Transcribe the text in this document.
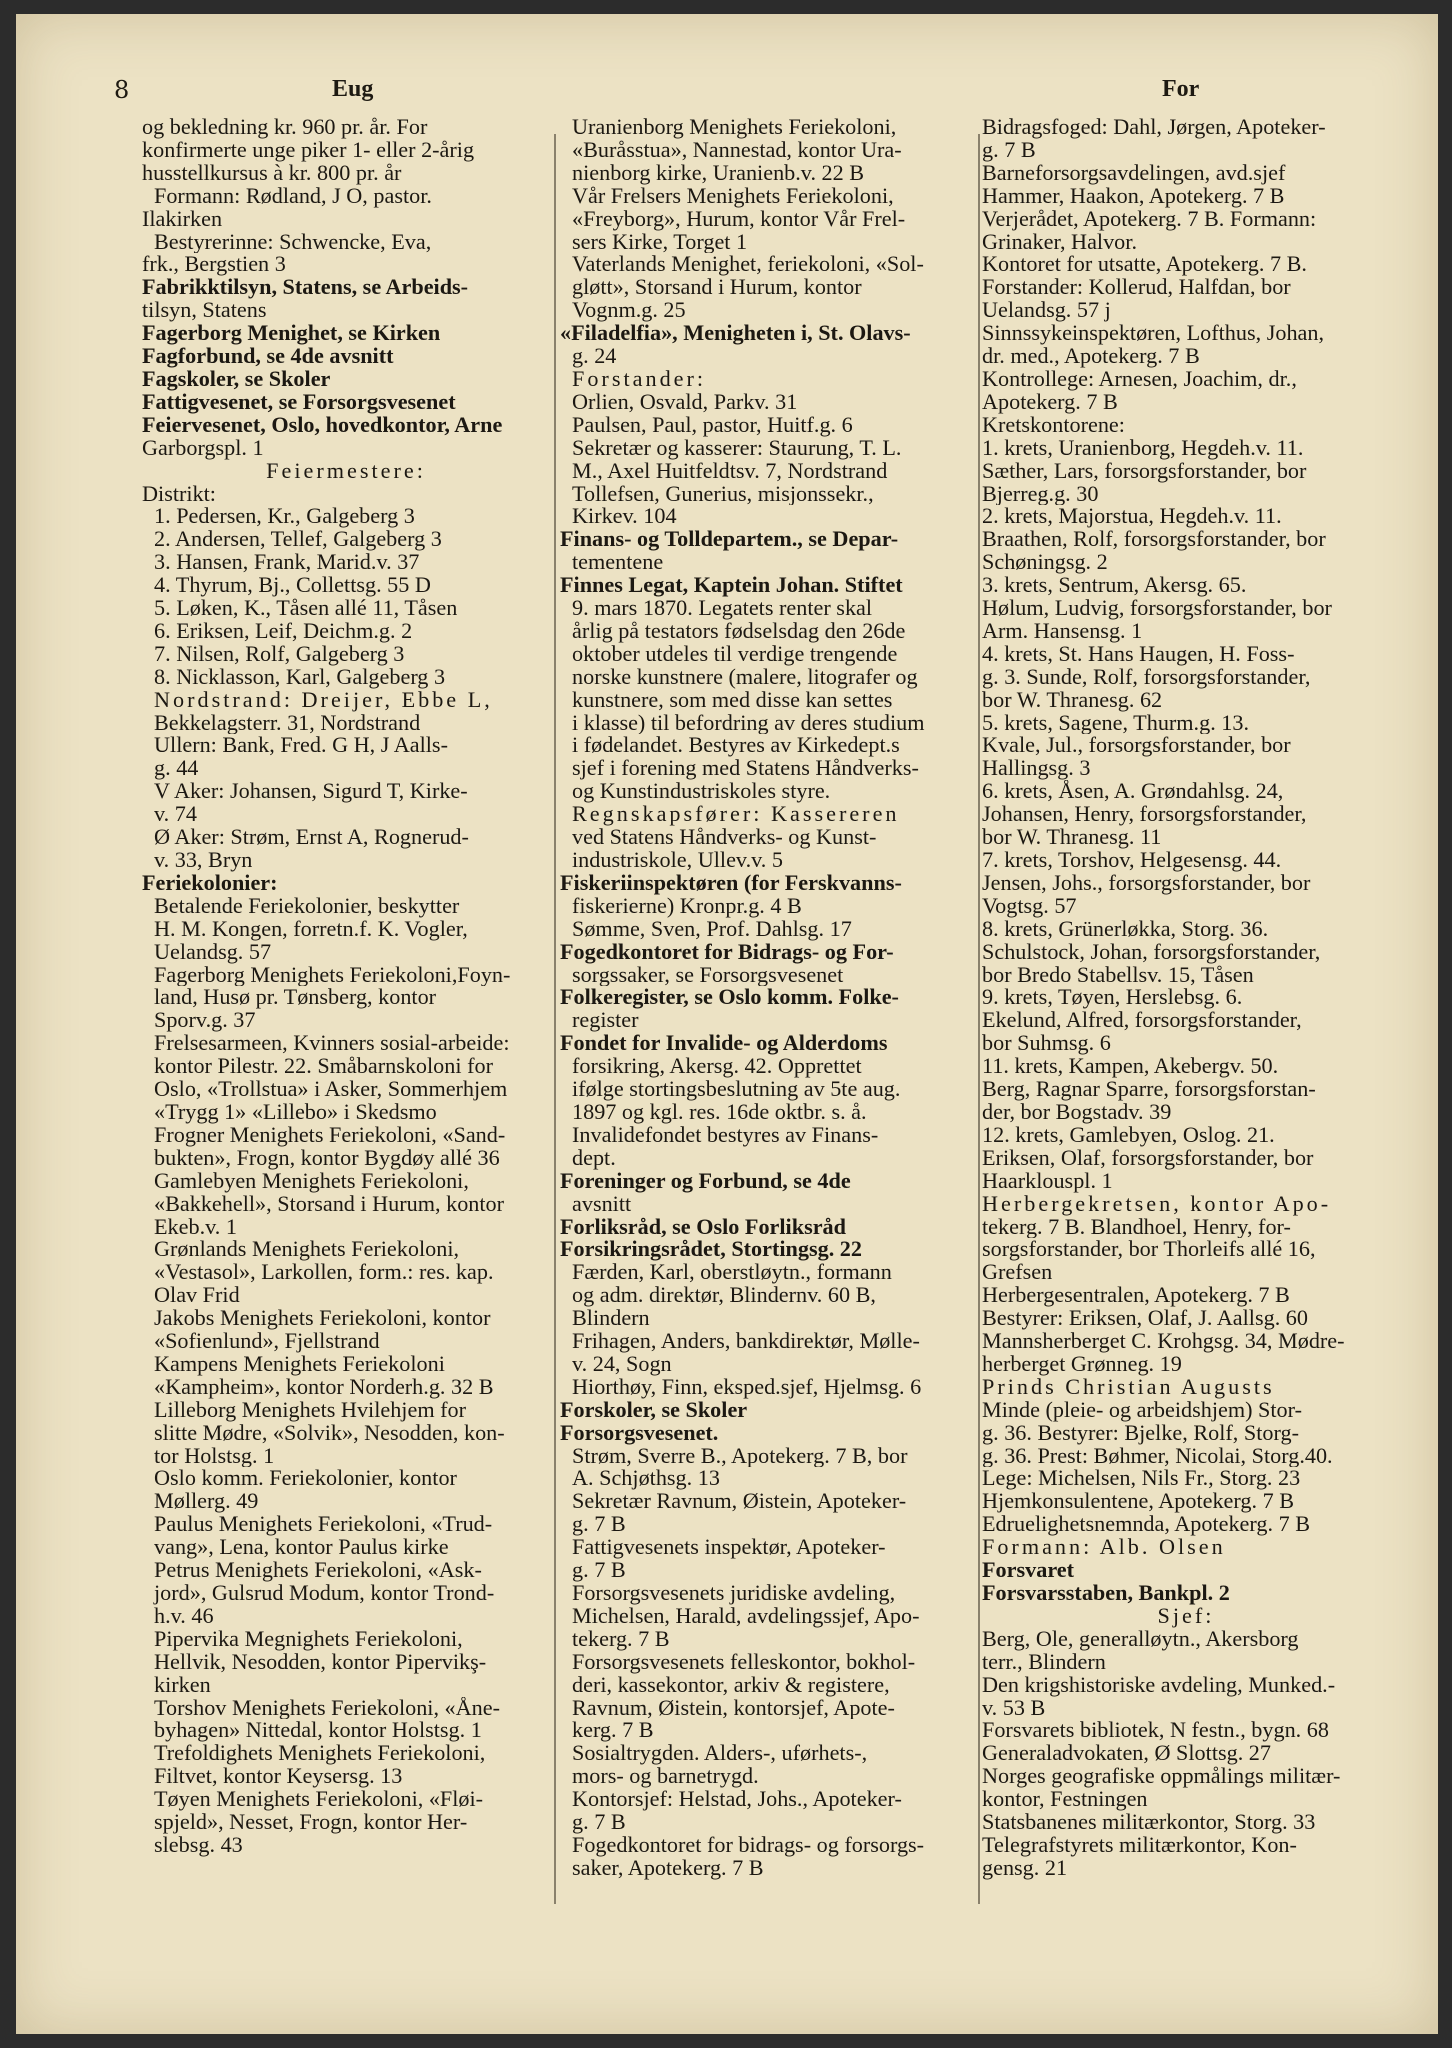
8	Eug	For
og bekledning kr. 960 pr. år. For
konfirmerte unge piker 1- eller 2-årig
husstellkursus à kr. 800 pr. år
Formann: Rødland, J O, pastor.
Ilakirken
Bestyrerinne: Schwencke, Eva,
frk., Bergstien 3
Fabrikktilsyn, Statens, se Arbeids-
tilsyn, Statens
Fagerborg Menighet, se Kirken
Fagforbund, se 4de avsnitt
Fagskoler, se Skoler
Fattigvesenet, se Forsorgsvesenet
Feiervesenet, Oslo, hovedkontor, Arne
Garborgspl. 1
Feiermestere:
Distrikt:
1. Pedersen, Kr., Galgeberg 3
2. Andersen, Tellef, Galgeberg 3
3. Hansen, Frank, Marid.v. 37
4. Thyrum, Bj., Collettsg. 55 D
5. Løken, K., Tåsen allé 11, Tåsen
6. Eriksen, Leif, Deichm.g. 2
7. Nilsen, Rolf, Galgeberg 3
8. Nicklasson, Karl, Galgeberg 3
Nordstrand: Dreijer, Ebbe L,
Bekkelagsterr. 31, Nordstrand
Ullern: Bank, Fred. G H, J Aalls-
g. 44
V Aker: Johansen, Sigurd T, Kirke-
v. 74
Ø Aker: Strøm, Ernst A, Rognerud-
v. 33, Bryn
Feriekolonier:
Betalende Feriekolonier, beskytter
H. M. Kongen, forretn.f. K. Vogler,
Uelandsg. 57
Fagerborg Menighets Feriekoloni,Foyn-
land, Husø pr. Tønsberg, kontor
Sporv.g. 37
Frelsesarmeen, Kvinners sosial-arbeide:
kontor Pilestr. 22. Småbarnskoloni for
Oslo, «Trollstua» i Asker, Sommerhjem
«Trygg 1» «Lillebo» i Skedsmo
Frogner Menighets Feriekoloni, «Sand-
bukten», Frogn, kontor Bygdøy allé 36
Gamlebyen Menighets Feriekoloni,
«Bakkehell», Storsand i Hurum, kontor
Ekeb.v. 1
Grønlands Menighets Feriekoloni,
«Vestasol», Larkollen, form.: res. kap.
Olav Frid
Jakobs Menighets Feriekoloni, kontor
«Sofienlund», Fjellstrand
Kampens Menighets Feriekoloni
«Kampheim», kontor Norderh.g. 32 B
Lilleborg Menighets Hvilehjem for
slitte Mødre, «Solvik», Nesodden, kon-
tor Holstsg. 1
Oslo komm. Feriekolonier, kontor
Møllerg. 49
Paulus Menighets Feriekoloni, «Trud-
vang», Lena, kontor Paulus kirke
Petrus Menighets Feriekoloni, «Ask-
jord», Gulsrud Modum, kontor Trond-
h.v. 46
Pipervika Megnighets Feriekoloni,
Hellvik, Nesodden, kontor Pipervikş-
kirken
Torshov Menighets Feriekoloni, «Åne-
byhagen» Nittedal, kontor Holstsg. 1
Trefoldighets Menighets Feriekoloni,
Filtvet, kontor Keysersg. 13
Tøyen Menighets Feriekoloni, «Fløi-
spjeld», Nesset, Frogn, kontor Her-
slebsg. 43
Uranienborg Menighets Feriekoloni,
«Buråsstua», Nannestad, kontor Ura-
nienborg kirke, Uranienb.v. 22 B
Vår Frelsers Menighets Feriekoloni,
«Freyborg», Hurum, kontor Vår Frel-
sers Kirke, Torget 1
Vaterlands Menighet, feriekoloni, «Sol-
gløtt», Storsand i Hurum, kontor
Vognm.g. 25
«Filadelfia», Menigheten i, St. Olavs-
g. 24
Forstander:
Orlien, Osvald, Parkv. 31
Paulsen, Paul, pastor, Huitf.g. 6
Sekretær og kasserer: Staurung, T. L.
M., Axel Huitfeldtsv. 7, Nordstrand
Tollefsen, Gunerius, misjonssekr.,
Kirkev. 104
Finans- og Tolldepartem., se Depar-
tementene
Finnes Legat, Kaptein Johan. Stiftet
9. mars 1870. Legatets renter skal
årlig på testators fødselsdag den 26de
oktober utdeles til verdige trengende
norske kunstnere (malere, litografer og
kunstnere, som med disse kan settes
i klasse) til befordring av deres studium
i fødelandet. Bestyres av Kirkedept.s
sjef i forening med Statens Håndverks-
og Kunstindustriskoles styre.
Regnskapsfører: Kassereren
ved Statens Håndverks- og Kunst-
industriskole, Ullev.v. 5
Fiskeriinspektøren (for Ferskvanns-
fiskerierne) Kronpr.g. 4 B
Sømme, Sven, Prof. Dahlsg. 17
Fogedkontoret for Bidrags- og For-
sorgssaker, se Forsorgsvesenet
Folkeregister, se Oslo komm. Folke-
register
Fondet for Invalide- og Alderdoms
forsikring, Akersg. 42. Opprettet
ifølge stortingsbeslutning av 5te aug.
1897 og kgl. res. 16de oktbr. s. å.
Invalidefondet bestyres av Finans-
dept.
Foreninger og Forbund, se 4de
avsnitt
Forliksråd, se Oslo Forliksråd
Forsikringsrådet, Stortingsg. 22
Færden, Karl, oberstløytn., formann
og adm. direktør, Blindernv. 60 B,
Blindern
Frihagen, Anders, bankdirektør, Mølle-
v. 24, Sogn
Hiorthøy, Finn, eksped.sjef, Hjelmsg. 6
Forskoler, se Skoler
Forsorgsvesenet.
Strøm, Sverre B., Apotekerg. 7 B, bor
A. Schjøthsg. 13
Sekretær Ravnum, Øistein, Apoteker-
g. 7 B
Fattigvesenets inspektør, Apoteker-
g. 7 B
Forsorgsvesenets juridiske avdeling,
Michelsen, Harald, avdelingssjef, Apo-
tekerg. 7 B
Forsorgsvesenets felleskontor, bokhol-
deri, kassekontor, arkiv & registere,
Ravnum, Øistein, kontorsjef, Apote-
kerg. 7 B
Sosialtrygden. Alders-, uførhets-,
mors- og barnetrygd.
Kontorsjef: Helstad, Johs., Apoteker-
g. 7 B
Fogedkontoret for bidrags- og forsorgs-
saker, Apotekerg. 7 B
Bidragsfoged: Dahl, Jørgen, Apoteker-
g. 7 B
Barneforsorgsavdelingen, avd.sjef
Hammer, Haakon, Apotekerg. 7 B
Verjerådet, Apotekerg. 7 B. Formann:
Grinaker, Halvor.
Kontoret for utsatte, Apotekerg. 7 B.
Forstander: Kollerud, Halfdan, bor
Uelandsg. 57 j
Sinnssykeinspektøren, Lofthus, Johan,
dr. med., Apotekerg. 7 B
Kontrollege: Arnesen, Joachim, dr.,
Apotekerg. 7 B
Kretskontorene:
1. krets, Uranienborg, Hegdeh.v. 11.
Sæther, Lars, forsorgsforstander, bor
Bjerreg.g. 30
2. krets, Majorstua, Hegdeh.v. 11.
Braathen, Rolf, forsorgsforstander, bor
Schøningsg. 2
3. krets, Sentrum, Akersg. 65.
Hølum, Ludvig, forsorgsforstander, bor
Arm. Hansensg. 1
4. krets, St. Hans Haugen, H. Foss-
g. 3. Sunde, Rolf, forsorgsforstander,
bor W. Thranesg. 62
5. krets, Sagene, Thurm.g. 13.
Kvale, Jul., forsorgsforstander, bor
Hallingsg. 3
6. krets, Åsen, A. Grøndahlsg. 24,
Johansen, Henry, forsorgsforstander,
bor W. Thranesg. 11
7. krets, Torshov, Helgesensg. 44.
Jensen, Johs., forsorgsforstander, bor
Vogtsg. 57
8. krets, Grünerløkka, Storg. 36.
Schulstock, Johan, forsorgsforstander,
bor Bredo Stabellsv. 15, Tåsen
9. krets, Tøyen, Herslebsg. 6.
Ekelund, Alfred, forsorgsforstander,
bor Suhmsg. 6
11. krets, Kampen, Akebergv. 50.
Berg, Ragnar Sparre, forsorgsforstan-
der, bor Bogstadv. 39
12. krets, Gamlebyen, Oslog. 21.
Eriksen, Olaf, forsorgsforstander, bor
Haarklouspl. 1
Herbergekretsen, kontor Apo-
tekerg. 7 B. Blandhoel, Henry, for-
sorgsforstander, bor Thorleifs allé 16,
Grefsen
Herbergesentralen, Apotekerg. 7 B
Bestyrer: Eriksen, Olaf, J. Aallsg. 60
Mannsherberget C. Krohgsg. 34, Mødre-
herberget Grønneg. 19
Prinds Christian Augusts
Minde (pleie- og arbeidshjem) Stor-
g. 36. Bestyrer: Bjelke, Rolf, Storg-
g. 36. Prest: Bøhmer, Nicolai, Storg.40.
Lege: Michelsen, Nils Fr., Storg. 23
Hjemkonsulentene, Apotekerg. 7 B
Edruelighetsnemnda, Apotekerg. 7 B
Formann: Alb. Olsen
Forsvaret
Forsvarsstaben, Bankpl. 2
Sjef:
Berg, Ole, generalløytn., Akersborg
terr., Blindern
Den krigshistoriske avdeling, Munked.-
v. 53 B
Forsvarets bibliotek, N festn., bygn. 68
Generaladvokaten, Ø Slottsg. 27
Norges geografiske oppmålings militær-
kontor, Festningen
Statsbanenes militærkontor, Storg. 33
Telegrafstyrets militærkontor, Kon-
gensg. 21
